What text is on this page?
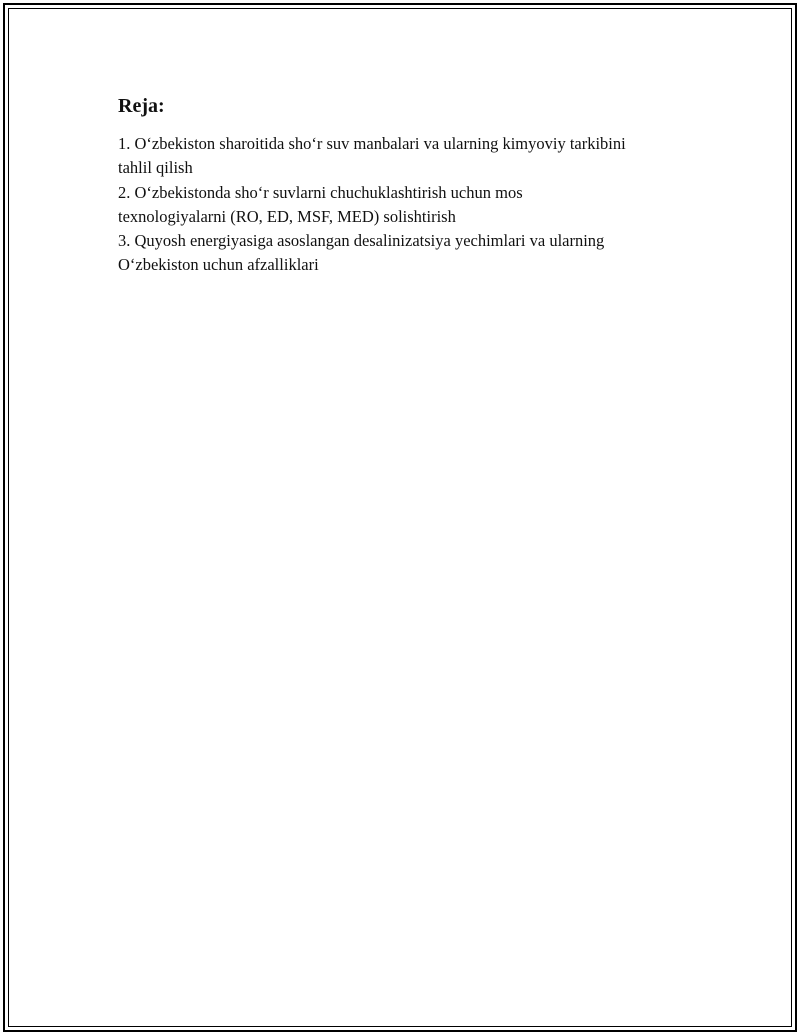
Reja:
1. O‘zbekiston sharoitida sho‘r suv manbalari va ularning kimyoviy tarkibini
tahlil qilish
2. O‘zbekistonda sho‘r suvlarni chuchuklashtirish uchun mos
texnologiyalarni (RO, ED, MSF, MED) solishtirish
3. Quyosh energiyasiga asoslangan desalinizatsiya yechimlari va ularning
O‘zbekiston uchun afzalliklari
